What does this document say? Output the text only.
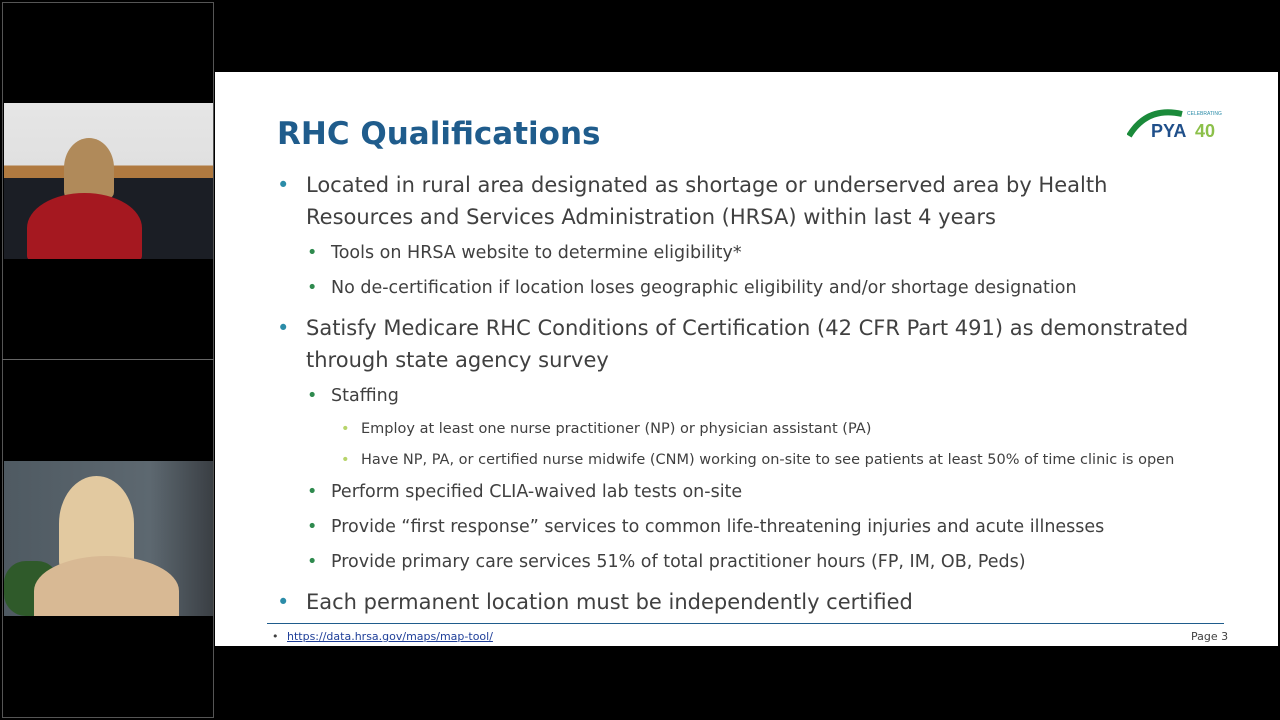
RHC Qualifications	PYA 40
CELEBRATING
• Located in rural area designated as shortage or underserved area by Health
Resources and Services Administration (HRSA) within last 4 years
• Tools on HRSA website to determine eligibility*
• No de-certification if location loses geographic eligibility and/or shortage designation
• Satisfy Medicare RHC Conditions of Certification (42 CFR Part 491) as demonstrated
through state agency survey
• Staffing
• Employ at least one nurse practitioner (NP) or physician assistant (PA)
• Have NP, PA, or certified nurse midwife (CNM) working on-site to see patients at least 50% of time clinic is open
• Perform specified CLIA-waived lab tests on-site
• Provide “first response” services to common life-threatening injuries and acute illnesses
• Provide primary care services 51% of total practitioner hours (FP, IM, OB, Peds)
• Each permanent location must be independently certified
• https://data.hrsa.gov/maps/map-tool/	Page 3
